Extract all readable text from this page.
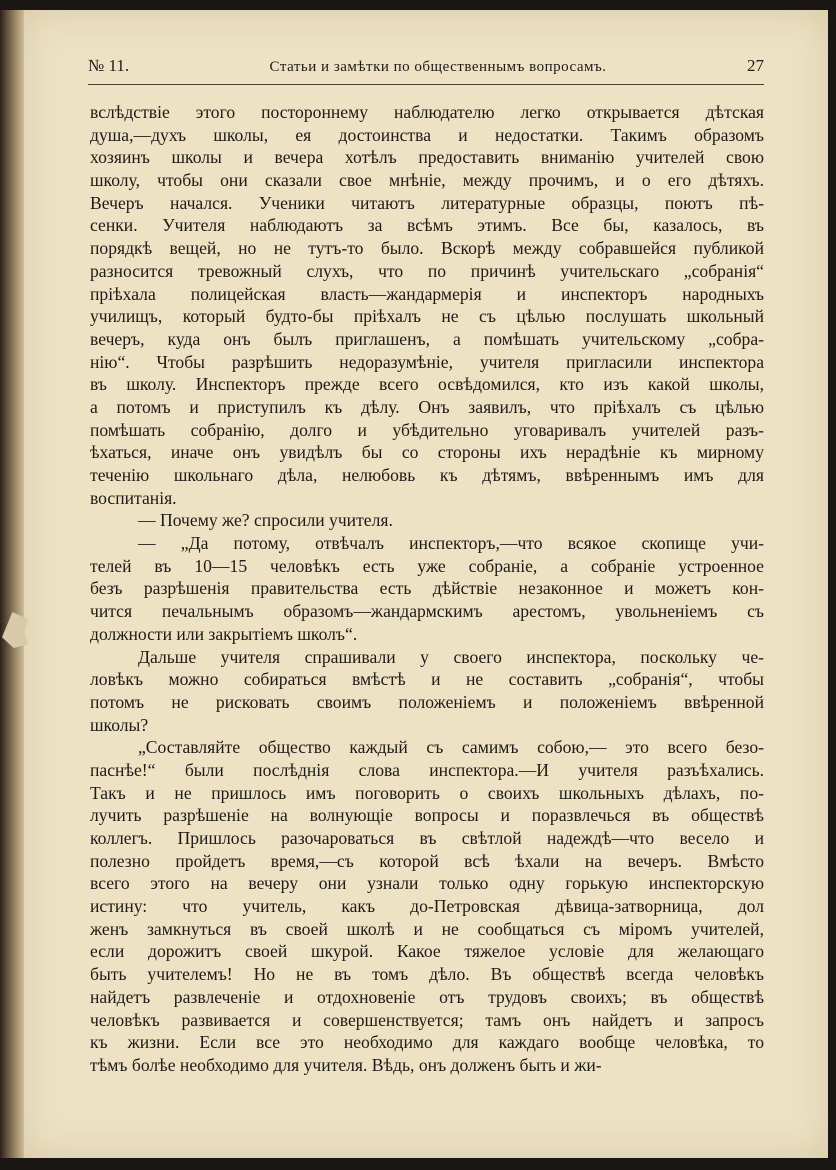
№ 11.	Статьи и замѣтки по общественнымъ вопросамъ.	27
вслѣдствіе этого постороннему наблюдателю легко открывается дѣтская
душа,—духъ школы, ея достоинства и недостатки. Такимъ образомъ
хозяинъ школы и вечера хотѣлъ предоставить вниманію учителей свою
школу, чтобы они сказали свое мнѣніе, между прочимъ, и о его дѣтяхъ.
Вечеръ начался. Ученики читаютъ литературные образцы, поютъ пѣ-
сенки. Учителя наблюдаютъ за всѣмъ этимъ. Все бы, казалось, въ
порядкѣ вещей, но не тутъ-то было. Вскорѣ между собравшейся публикой
разносится тревожный слухъ, что по причинѣ учительскаго „собранія“
пріѣхала полицейская власть—жандармерія и инспекторъ народныхъ
училищъ, который будто-бы пріѣхалъ не съ цѣлью послушать школьный
вечеръ, куда онъ былъ приглашенъ, а помѣшать учительскому „собра-
нію“. Чтобы разрѣшить недоразумѣніе, учителя пригласили инспектора
въ школу. Инспекторъ прежде всего освѣдомился, кто изъ какой школы,
а потомъ и приступилъ къ дѣлу. Онъ заявилъ, что пріѣхалъ съ цѣлью
помѣшать собранію, долго и убѣдительно уговаривалъ учителей разъ-
ѣхаться, иначе онъ увидѣлъ бы со стороны ихъ нерадѣніе къ мирному
теченію школьнаго дѣла, нелюбовь къ дѣтямъ, ввѣреннымъ имъ для
воспитанія.
— Почему же? спросили учителя.
— „Да потому, отвѣчалъ инспекторъ,—что всякое скопище учи-
телей въ 10—15 человѣкъ есть уже собраніе, а собраніе устроенное
безъ разрѣшенія правительства есть дѣйствіе незаконное и можетъ кон-
чится печальнымъ образомъ—жандармскимъ арестомъ, увольненіемъ съ
должности или закрытіемъ школъ“.
Дальше учителя спрашивали у своего инспектора, поскольку че-
ловѣкъ можно собираться вмѣстѣ и не составить „собранія“, чтобы
потомъ не рисковать своимъ положеніемъ и положеніемъ ввѣренной
школы?
„Составляйте общество каждый съ самимъ собою,— это всего безо-
паснѣе!“ были послѣднія слова инспектора.—И учителя разъѣхались.
Такъ и не пришлось имъ поговорить о своихъ школьныхъ дѣлахъ, по-
лучить разрѣшеніе на волнующіе вопросы и поразвлечься въ обществѣ
коллегъ. Пришлось разочароваться въ свѣтлой надеждѣ—что весело и
полезно пройдетъ время,—съ которой всѣ ѣхали на вечеръ. Вмѣсто
всего этого на вечеру они узнали только одну горькую инспекторскую
истину: что учитель, какъ до-Петровская дѣвица-затворница, дол
женъ замкнуться въ своей школѣ и не сообщаться съ міромъ учителей,
если дорожитъ своей шкурой. Какое тяжелое условіе для желающаго
быть учителемъ! Но не въ томъ дѣло. Въ обществѣ всегда человѣкъ
найдетъ развлеченіе и отдохновеніе отъ трудовъ своихъ; въ обществѣ
человѣкъ развивается и совершенствуется; тамъ онъ найдетъ и запросъ
къ жизни. Если все это необходимо для каждаго вообще человѣка, то
тѣмъ болѣе необходимо для учителя. Вѣдь, онъ долженъ быть и жи-
